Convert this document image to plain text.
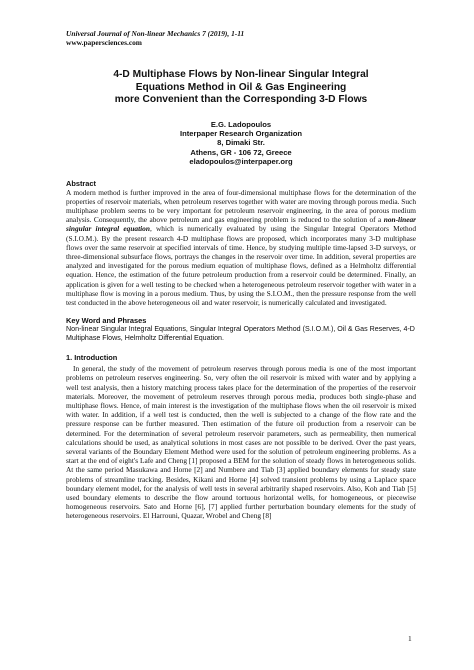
Universal Journal of Non-linear Mechanics 7 (2019), 1-11
www.papersciences.com
4-D Multiphase Flows by Non-linear Singular Integral
Equations Method in Oil & Gas Engineering
more Convenient than the Corresponding 3-D Flows
E.G. Ladopoulos
Interpaper Research Organization
8, Dimaki Str.
Athens, GR - 106 72, Greece
eladopoulos@interpaper.org
Abstract

A modern method is further improved in the area of four-dimensional multiphase flows for the determination of the properties of reservoir materials, when petroleum reserves together with water are moving through porous media. Such multiphase problem seems to be very important for petroleum reservoir engineering, in the area of porous medium analysis. Consequently, the above petroleum and gas engineering problem is reduced to the solution of a non-linear singular integral equation, which is numerically evaluated by using the Singular Integral Operators Method (S.I.O.M.). By the present research 4-D multiphase flows are proposed, which incorporates many 3-D multiphase flows over the same reservoir at specified intervals of time. Hence, by studying multiple time-lapsed 3-D surveys, or three-dimensional subsurface flows, portrays the changes in the reservoir over time. In addition, several properties are analyzed and investigated for the porous medium equation of multiphase flows, defined as a Helmholtz differential equation. Hence, the estimation of the future petroleum production from a reservoir could be determined. Finally, an application is given for a well testing to be checked when a heterogeneous petroleum reservoir together with water in a multiphase flow is moving in a porous medium. Thus, by using the S.I.O.M., then the pressure response from the well test conducted in the above heterogeneous oil and water reservoir, is numerically calculated and investigated.

Key Word and Phrases
Non-linear Singular Integral Equations, Singular Integral Operators Method (S.I.O.M.), Oil & Gas Reserves, 4-D Multiphase Flows, Helmholtz Differential Equation.
1. Introduction

In general, the study of the movement of petroleum reserves through porous media is one of the most important problems on petroleum reserves engineering. So, very often the oil reservoir is mixed with water and by applying a well test analysis, then a history matching process takes place for the determination of the properties of the reservoir materials. Moreover, the movement of petroleum reserves through porous media, produces both single-phase and multiphase flows. Hence, of main interest is the investigation of the multiphase flows when the oil reservoir is mixed with water. In addition, if a well test is conducted, then the well is subjected to a change of the flow rate and the pressure response can be further measured. Then estimation of the future oil production from a reservoir can be determined. For the determination of several petroleum reservoir parameters, such as permeability, then numerical calculations should be used, as analytical solutions in most cases are not possible to be derived. Over the past years, several variants of the Boundary Element Method were used for the solution of petroleum engineering problems. As a start at the end of eight's Lafe and Cheng [1] proposed a BEM for the solution of steady flows in heterogeneous solids. At the same period Masukawa and Horne [2] and Numbere and Tiab [3] applied boundary elements for steady state problems of streamline tracking. Besides, Kikani and Horne [4] solved transient problems by using a Laplace space boundary element model, for the analysis of well tests in several arbitrarily shaped reservoirs. Also, Koh and Tiab [5] used boundary elements to describe the flow around tortuous horizontal wells, for homogeneous, or piecewise homogeneous reservoirs. Sato and Horne [6], [7] applied further perturbation boundary elements for the study of heterogeneous reservoirs. El Harrouni, Quazar, Wrobel and Cheng [8]

1
